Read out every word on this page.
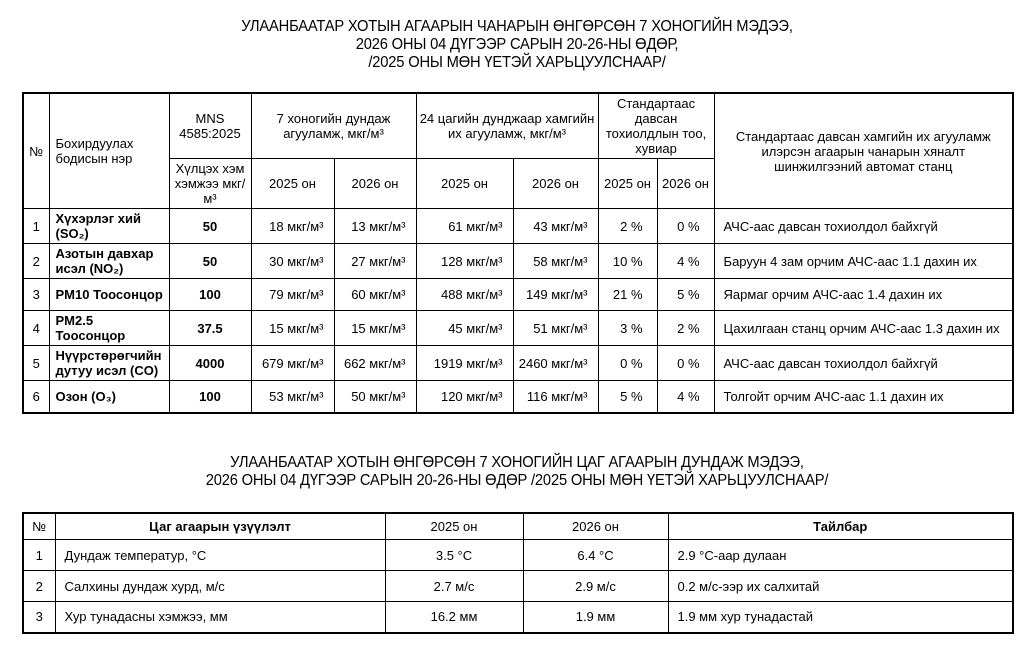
УЛААНБААТАР ХОТЫН АГААРЫН ЧАНАРЫН ӨНГӨРСӨН 7 ХОНОГИЙН МЭДЭЭ,
2026 ОНЫ 04 ДҮГЭЭР САРЫН 20-26-НЫ ӨДӨР,
/2025 ОНЫ МӨН ҮЕТЭЙ ХАРЬЦУУЛСНААР/
№	Бохирдуулах бодисын нэр	MNS 4585:2025	7 хоногийн дундаж агууламж, мкг/м³		24 цагийн дунджаар хамгийн их агууламж, мкг/м³		Стандартаас давсан тохиолдлын тоо, хувиар		Стандартаас давсан хамгийн их агууламж илэрсэн агаарын чанарын хяналт шинжилгээний автомат станц
		Хүлцэх хэм хэмжээ мкг/м³	2025 он	2026 он	2025 он	2026 он	2025 он	2026 он	
1	Хүхэрлэг хий (SO₂)	50	18 мкг/м³	13 мкг/м³	61 мкг/м³	43 мкг/м³	2 %	0 %	АЧС-аас давсан тохиолдол байхгүй
2	Азотын давхар исэл (NO₂)	50	30 мкг/м³	27 мкг/м³	128 мкг/м³	58 мкг/м³	10 %	4 %	Баруун 4 зам орчим АЧС-аас 1.1 дахин их
3	PM10 Тоосонцор	100	79 мкг/м³	60 мкг/м³	488 мкг/м³	149 мкг/м³	21 %	5 %	Яармаг орчим АЧС-аас 1.4 дахин их
4	PM2.5 Тоосонцор	37.5	15 мкг/м³	15 мкг/м³	45 мкг/м³	51 мкг/м³	3 %	2 %	Цахилгаан станц орчим АЧС-аас 1.3 дахин их
5	Нүүрстөрөгчийн дутуу исэл (CO)	4000	679 мкг/м³	662 мкг/м³	1919 мкг/м³	2460 мкг/м³	0 %	0 %	АЧС-аас давсан тохиолдол байхгүй
6	Озон (O₃)	100	53 мкг/м³	50 мкг/м³	120 мкг/м³	116 мкг/м³	5 %	4 %	Толгойт орчим АЧС-аас 1.1 дахин их
УЛААНБААТАР ХОТЫН ӨНГӨРСӨН 7 ХОНОГИЙН ЦАГ АГААРЫН ДУНДАЖ МЭДЭЭ,
2026 ОНЫ 04 ДҮГЭЭР САРЫН 20-26-НЫ ӨДӨР /2025 ОНЫ МӨН ҮЕТЭЙ ХАРЬЦУУЛСНААР/
№	Цаг агаарын үзүүлэлт	2025 он	2026 он	Тайлбар
1	Дундаж температур, °С	3.5 °C	6.4 °C	2.9 °C-аар дулаан
2	Салхины дундаж хурд, м/с	2.7 м/с	2.9 м/с	0.2 м/с-ээр их салхитай
3	Хур тунадасны хэмжээ, мм	16.2 мм	1.9 мм	1.9 мм хур тунадастай
